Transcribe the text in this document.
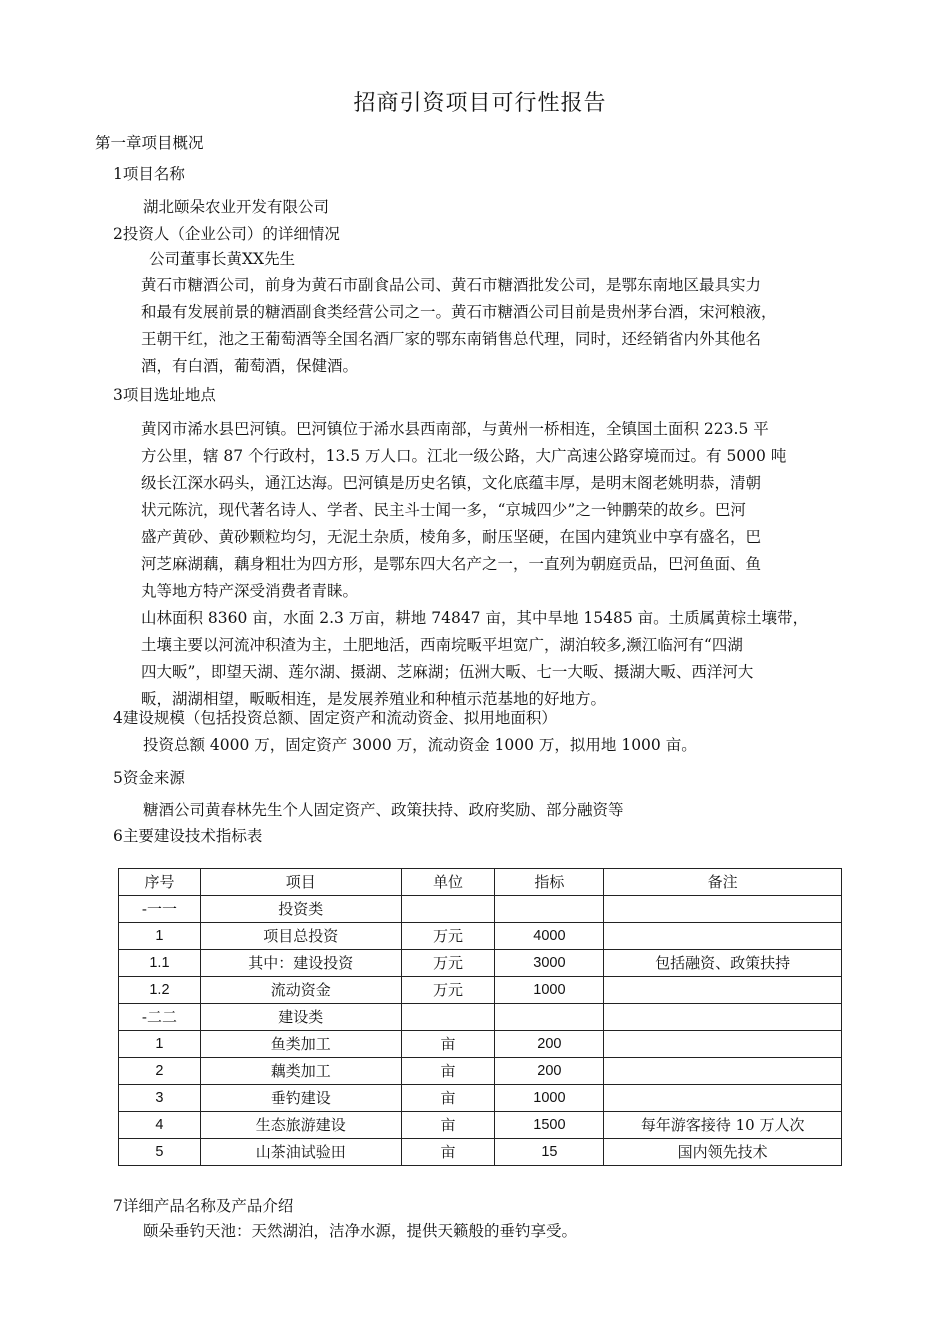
招商引资项目可行性报告
第一章项目概况
1项目名称
湖北颐朵农业开发有限公司
2投资人（企业公司）的详细情况
公司董事长黄XX先生

黄石市糖酒公司，前身为黄石市副食品公司、黄石市糖酒批发公司，是鄂东南地区最具实力

和最有发展前景的糖酒副食类经营公司之一。黄石市糖酒公司目前是贵州茅台酒，宋河粮液，

王朝干红，池之王葡萄酒等全国名酒厂家的鄂东南销售总代理，同时，还经销省内外其他名

酒，有白酒，葡萄酒，保健酒。

3项目选址地点

黄冈市浠水县巴河镇。巴河镇位于浠水县西南部，与黄州一桥相连，全镇国土面积 223.5 平

方公里，辖 87 个行政村，13.5 万人口。江北一级公路，大广高速公路穿境而过。有 5000 吨

级长江深水码头，通江达海。巴河镇是历史名镇，文化底蕴丰厚，是明末阁老姚明恭，清朝

状元陈沆，现代著名诗人、学者、民主斗士闻一多，“京城四少”之一钟鹏荣的故乡。巴河

盛产黄砂、黄砂颗粒均匀，无泥土杂质，棱角多，耐压坚硬，在国内建筑业中享有盛名，巴

河芝麻湖藕，藕身粗壮为四方形，是鄂东四大名产之一，一直列为朝庭贡品，巴河鱼面、鱼

丸等地方特产深受消费者青睐。

山林面积 8360 亩，水面 2.3 万亩，耕地 74847 亩，其中旱地 15485 亩。土质属黄棕土壤带，

土壤主要以河流冲积渣为主，土肥地活，西南垸畈平坦宽广，湖泊较多,濒江临河有“四湖

四大畈”，即望天湖、莲尔湖、摄湖、芝麻湖；伍洲大畈、七一大畈、摄湖大畈、西洋河大

畈，湖湖相望，畈畈相连，是发展养殖业和种植示范基地的好地方。

4建设规模（包括投资总额、固定资产和流动资金、拟用地面积）
投资总额 4000 万，固定资产 3000 万，流动资金 1000 万，拟用地 1000 亩。
5资金来源
糖酒公司黄春林先生个人固定资产、政策扶持、政府奖励、部分融资等
6主要建设技术指标表
序号	项目	单位	指标	备注
-一一	投资类			
1	项目总投资	万元	4000	
1.1	其中：建设投资	万元	3000	包括融资、政策扶持
1.2	流动资金	万元	1000	
-二二	建设类			
1	鱼类加工	亩	200	
2	藕类加工	亩	200	
3	垂钓建设	亩	1000	
4	生态旅游建设	亩	1500	每年游客接待 10 万人次
5	山茶油试验田	亩	15	国内领先技术
7详细产品名称及产品介绍
颐朵垂钓天池：天然湖泊，洁净水源，提供天籁般的垂钓享受。
